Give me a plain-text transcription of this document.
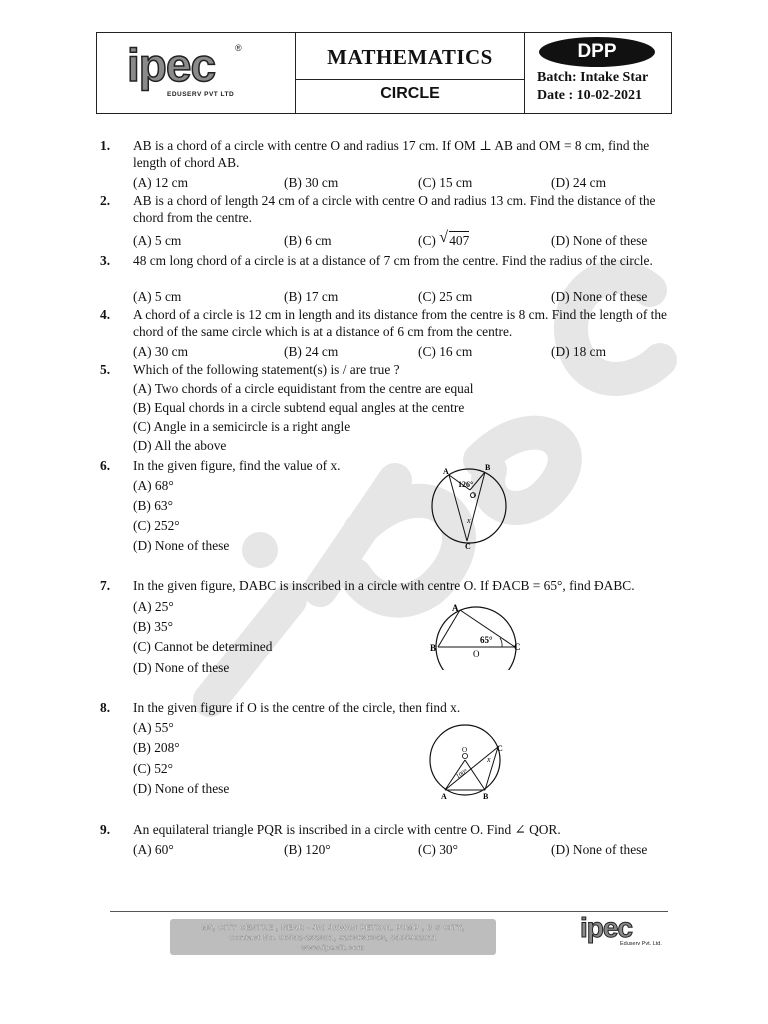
ipec ®
EDUSERV PVT LTD
MATHEMATICS
CIRCLE
DPP
Batch: Intake Star
Date : 10-02-2021
1.	AB is a chord of a circle with centre O and radius 17 cm. If OM ⊥ AB and OM = 8 cm, find the length of chord AB.
(A) 12 cm	(B) 30 cm	(C) 15 cm	(D) 24 cm
2.	AB is a chord of length 24 cm of a circle with centre O and radius 13 cm. Find the distance of the chord from the centre.
(A) 5 cm	(B) 6 cm	(C) √ 407	(D) None of these
3.	48 cm long chord of a circle is at a distance of 7 cm from the centre. Find the radius of the circle.
(A) 5 cm	(B) 17 cm	(C) 25 cm	(D) None of these
4.	A chord of a circle is 12 cm in length and its distance from the centre is 8 cm. Find the length of the chord of the same circle which is at a distance of 6 cm from the centre.
(A) 30 cm	(B) 24 cm	(C) 16 cm	(D) 18 cm
5.	Which of the following statement(s) is / are true ?
(A) Two chords of a circle equidistant from the centre are equal
(B) Equal chords in a circle subtend equal angles at the centre
(C) Angle in a semicircle is a right angle
(D) All the above
6.	In the given figure, find the value of x.
(A) 68°
(B) 63°
(C) 252°
(D) None of these
A	B
C
O
126°
x
7.	In the given figure, DABC is inscribed in a circle with centre O. If ÐACB = 65°, find ÐABC.
(A) 25°
(B) 35°
(C) Cannot be determined
(D) None of these
A
B	C
O
65°
8.	In the given figure if O is the centre of the circle, then find x.
(A) 55°
(B) 208°
(C) 52°
(D) None of these
A	B
C
O
100°
x
9.	An equilateral triangle PQR is inscribed in a circle with centre O. Find ∠ QOR.
(A) 60°	(B) 120°	(C) 30°	(D) None of these
M5, CITY CENTRE , NEAR - JAI JAWAN PETROL PUMP , B S CITY,
Contact No. 06542-232381, 9263636343, 8405902011
www.ipecit.com
ipec
Eduserv Pvt. Ltd.
